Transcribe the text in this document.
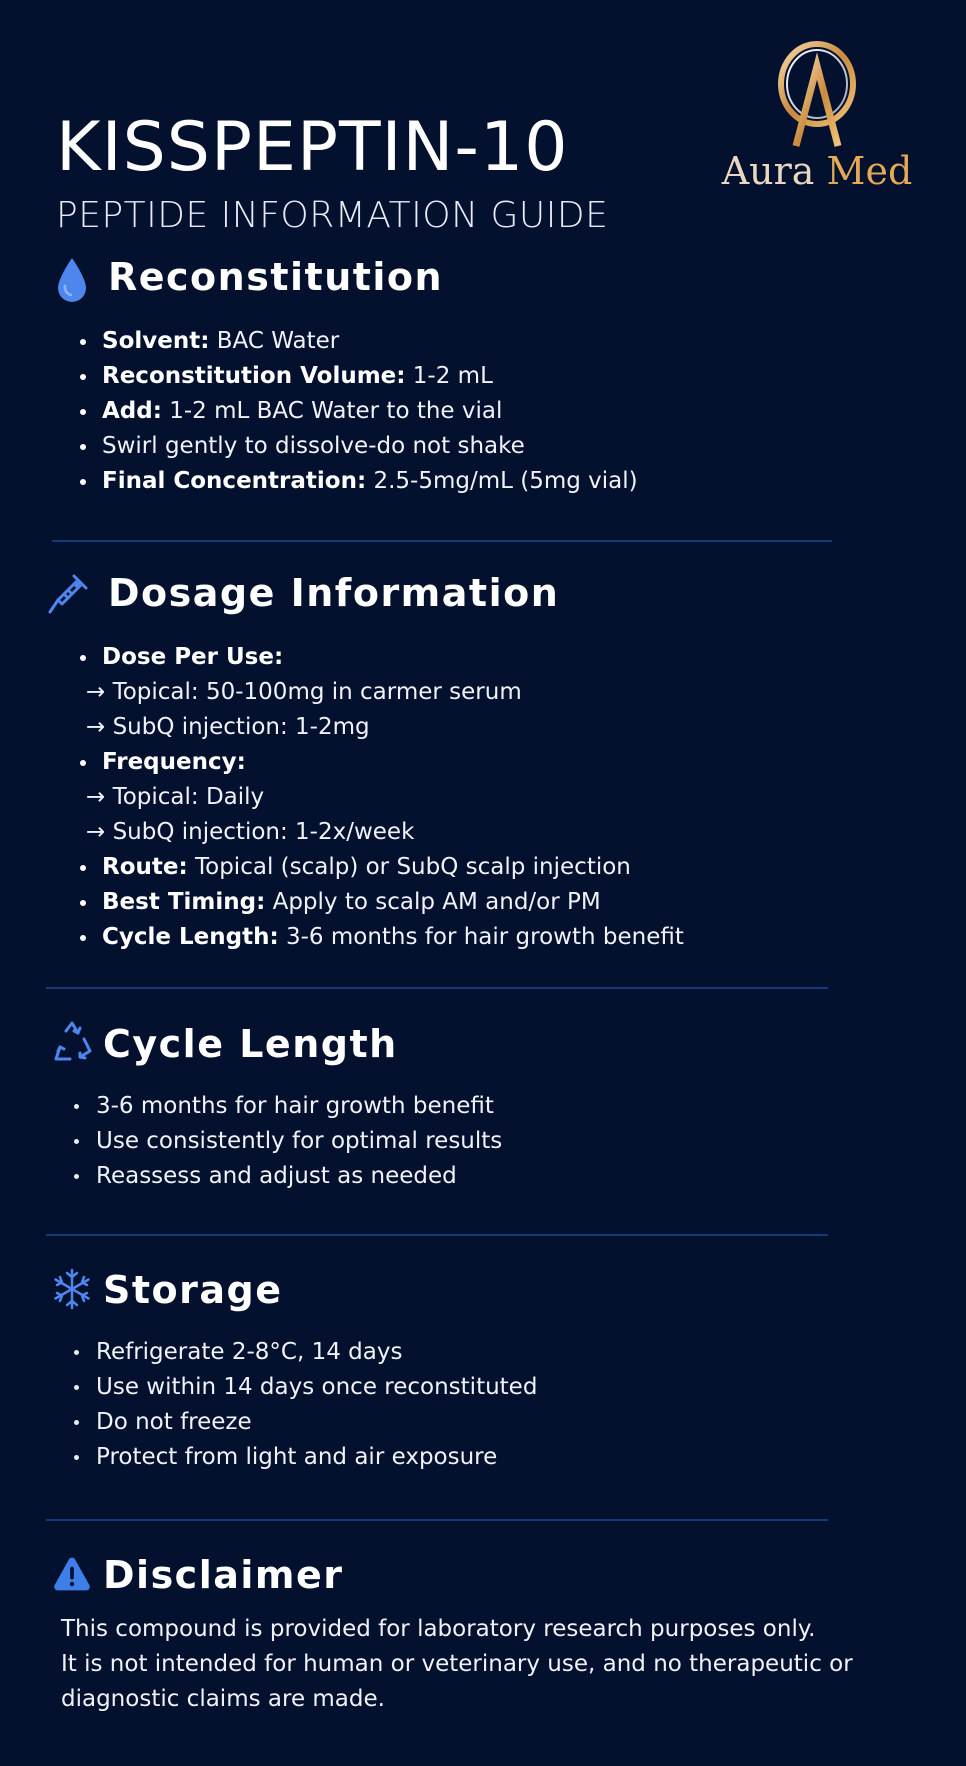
KISSPEPTIN-10
PEPTIDE INFORMATION GUIDE
Aura Med
Reconstitution
Solvent: BAC Water
Reconstitution Volume: 1-2 mL
Add: 1-2 mL BAC Water to the vial
Swirl gently to dissolve-do not shake
Final Concentration: 2.5-5mg/mL (5mg vial)
Dosage Information
Dose Per Use:
→ Topical: 50-100mg in carmer serum
→ SubQ injection: 1-2mg
Frequency:
→ Topical: Daily
→ SubQ injection: 1-2x/week
Route: Topical (scalp) or SubQ scalp injection
Best Timing: Apply to scalp AM and/or PM
Cycle Length: 3-6 months for hair growth benefit
Cycle Length
3-6 months for hair growth benefit
Use consistently for optimal results
Reassess and adjust as needed
Storage
Refrigerate 2-8°C, 14 days
Use within 14 days once reconstituted
Do not freeze
Protect from light and air exposure
Disclaimer
This compound is provided for laboratory research purposes only.
It is not intended for human or veterinary use, and no therapeutic or
diagnostic claims are made.
